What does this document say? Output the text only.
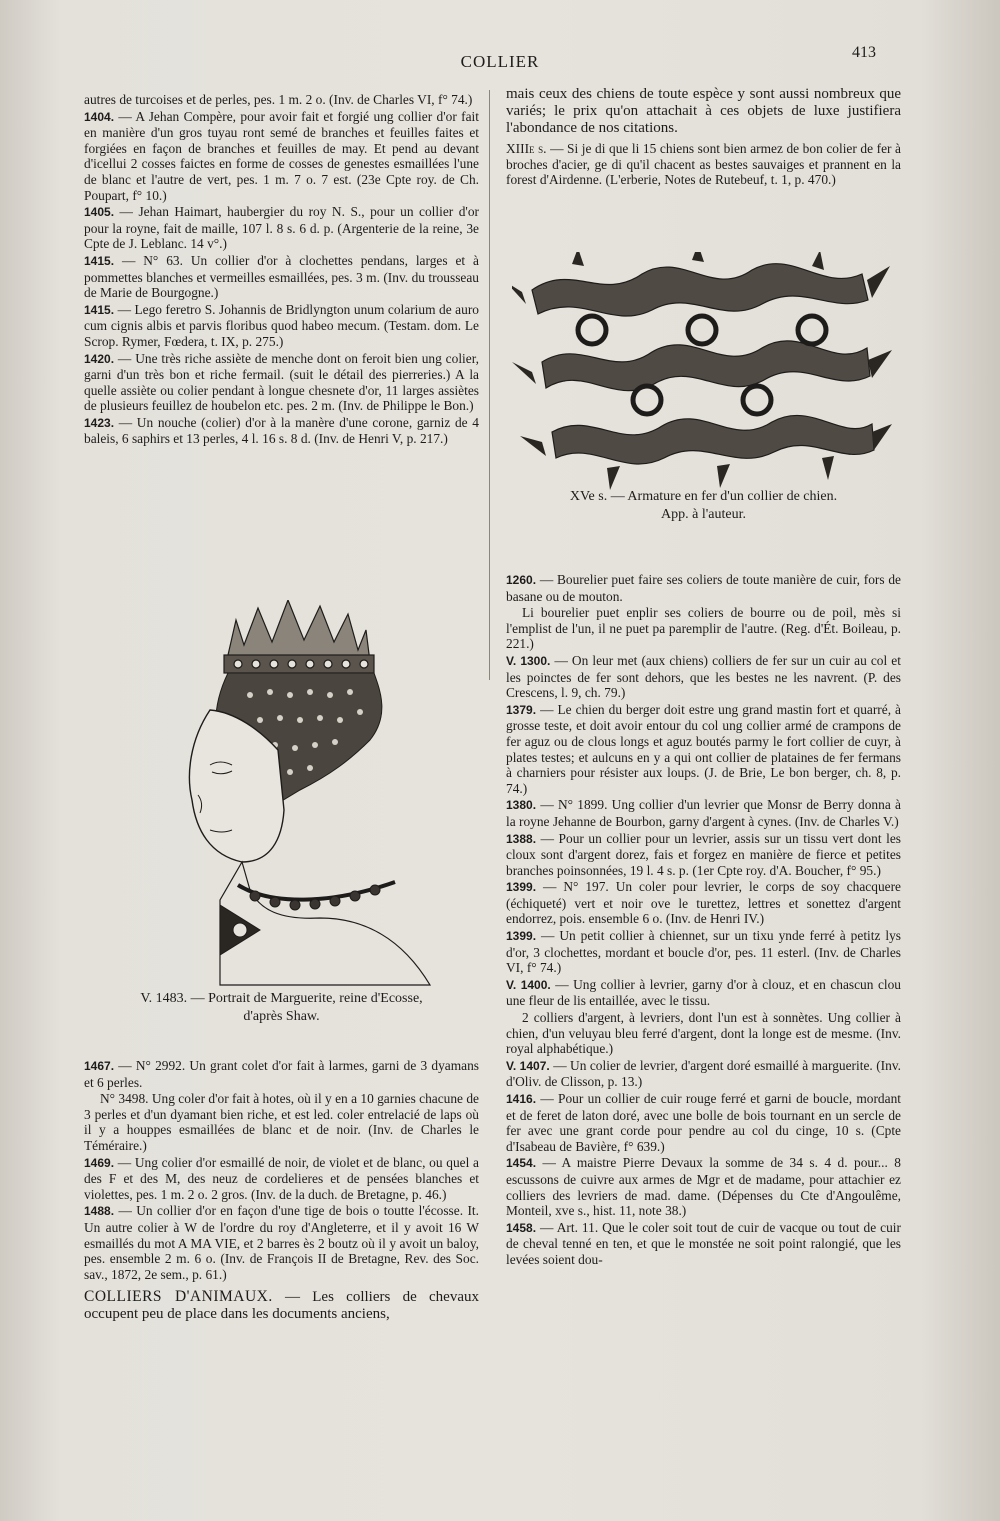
COLLIER	413
autres de turcoises et de perles, pes. 1 m. 2 o. (Inv. de Charles VI, f° 74.)
1404. — A Jehan Compère, pour avoir fait et forgié ung collier d'or fait en manière d'un gros tuyau ront semé de branches et feuilles faites et forgiées en façon de branches et feuilles de may. Et pend au devant d'icellui 2 cosses faictes en forme de cosses de genestes esmaillées l'une de blanc et l'autre de vert, pes. 1 m. 7 o. 7 est. (23e Cpte roy. de Ch. Poupart, f° 10.)
1405. — Jehan Haimart, haubergier du roy N. S., pour un collier d'or pour la royne, fait de maille, 107 l. 8 s. 6 d. p. (Argenterie de la reine, 3e Cpte de J. Leblanc. 14 v°.)
1415. — N° 63. Un collier d'or à clochettes pendans, larges et à pommettes blanches et vermeilles esmaillées, pes. 3 m. (Inv. du trousseau de Marie de Bourgogne.)
1415. — Lego feretro S. Johannis de Bridlyngton unum colarium de auro cum cignis albis et parvis floribus quod habeo mecum. (Testam. dom. Le Scrop. Rymer, Fœdera, t. IX, p. 275.)
1420. — Une très riche assiète de menche dont on feroit bien ung colier, garni d'un très bon et riche fermail. (suit le détail des pierreries.) A la quelle assiète ou colier pendant à longue chesnete d'or, 11 larges assiètes de plusieurs feuillez de houbelon etc. pes. 2 m. (Inv. de Philippe le Bon.)
1423. — Un nouche (colier) d'or à la manère d'une corone, garniz de 4 baleis, 6 saphirs et 13 perles, 4 l. 16 s. 8 d. (Inv. de Henri V, p. 217.)
V. 1483. — Portrait de Marguerite, reine d'Ecosse,
d'après Shaw.
1467. — N° 2992. Un grant colet d'or fait à larmes, garni de 3 dyamans et 6 perles.
N° 3498. Ung coler d'or fait à hotes, où il y en a 10 garnies chacune de 3 perles et d'un dyamant bien riche, et est led. coler entrelacié de laps où il y a houppes esmaillées de blanc et de noir. (Inv. de Charles le Téméraire.)
1469. — Ung colier d'or esmaillé de noir, de violet et de blanc, ou quel a des F et des M, des neuz de cordelieres et de pensées blanches et violettes, pes. 1 m. 2 o. 2 gros. (Inv. de la duch. de Bretagne, p. 46.)
1488. — Un collier d'or en façon d'une tige de bois o toutte l'écosse. It. Un autre colier à W de l'ordre du roy d'Angleterre, et il y avoit 16 W esmaillés du mot A MA VIE, et 2 barres ès 2 boutz où il y avoit un baloy, pes. ensemble 2 m. 6 o. (Inv. de François II de Bretagne, Rev. des Soc. sav., 1872, 2e sem., p. 61.)
COLLIERS D'ANIMAUX. — Les colliers de chevaux occupent peu de place dans les documents anciens,
mais ceux des chiens de toute espèce y sont aussi nombreux que variés; le prix qu'on attachait à ces objets de luxe justifiera l'abondance de nos citations.
XIIIe s. — Si je di que li 15 chiens sont bien armez de bon colier de fer à broches d'acier, ge di qu'il chacent as bestes sauvaiges et prannent en la forest d'Airdenne. (L'erberie, Notes de Rutebeuf, t. 1, p. 470.)
XVe s. — Armature en fer d'un collier de chien.
App. à l'auteur.
1260. — Bourelier puet faire ses coliers de toute manière de cuir, fors de basane ou de mouton.
Li bourelier puet enplir ses coliers de bourre ou de poil, mès si l'emplist de l'un, il ne puet pa paremplir de l'autre. (Reg. d'Ét. Boileau, p. 221.)
V. 1300. — On leur met (aux chiens) colliers de fer sur un cuir au col et les poinctes de fer sont dehors, que les bestes ne les navrent. (P. des Crescens, l. 9, ch. 79.)
1379. — Le chien du berger doit estre ung grand mastin fort et quarré, à grosse teste, et doit avoir entour du col ung collier armé de crampons de fer aguz ou de clous longs et aguz boutés parmy le fort collier de cuyr, à plates testes; et aulcuns en y a qui ont collier de plataines de fer fermans à charniers pour résister aux loups. (J. de Brie, Le bon berger, ch. 8, p. 74.)
1380. — N° 1899. Ung collier d'un levrier que Monsr de Berry donna à la royne Jehanne de Bourbon, garny d'argent à cynes. (Inv. de Charles V.)
1388. — Pour un collier pour un levrier, assis sur un tissu vert dont les cloux sont d'argent dorez, fais et forgez en manière de fierce et petites branches poinsonnées, 19 l. 4 s. p. (1er Cpte roy. d'A. Boucher, f° 95.)
1399. — N° 197. Un coler pour levrier, le corps de soy chacquere (échiqueté) vert et noir ove le turettez, lettres et sonettez d'argent endorrez, pois. ensemble 6 o. (Inv. de Henri IV.)
1399. — Un petit collier à chiennet, sur un tixu ynde ferré à petitz lys d'or, 3 clochettes, mordant et boucle d'or, pes. 11 esterl. (Inv. de Charles VI, f° 74.)
V. 1400. — Ung collier à levrier, garny d'or à clouz, et en chascun clou une fleur de lis entaillée, avec le tissu.
2 colliers d'argent, à levriers, dont l'un est à sonnètes. Ung collier à chien, d'un veluyau bleu ferré d'argent, dont la longe est de mesme. (Inv. royal alphabétique.)
V. 1407. — Un colier de levrier, d'argent doré esmaillé à marguerite. (Inv. d'Oliv. de Clisson, p. 13.)
1416. — Pour un collier de cuir rouge ferré et garni de boucle, mordant et de feret de laton doré, avec une bolle de bois tournant en un sercle de fer avec une grant corde pour pendre au col du cinge, 10 s. (Cpte d'Isabeau de Bavière, f° 639.)
1454. — A maistre Pierre Devaux la somme de 34 s. 4 d. pour... 8 escussons de cuivre aux armes de Mgr et de madame, pour attachier ez colliers des levriers de mad. dame. (Dépenses du Cte d'Angoulême, Monteil, xve s., hist. 11, note 38.)
1458. — Art. 11. Que le coler soit tout de cuir de vacque ou tout de cuir de cheval tenné en ten, et que le monstée ne soit point ralongié, que les levées soient dou-
